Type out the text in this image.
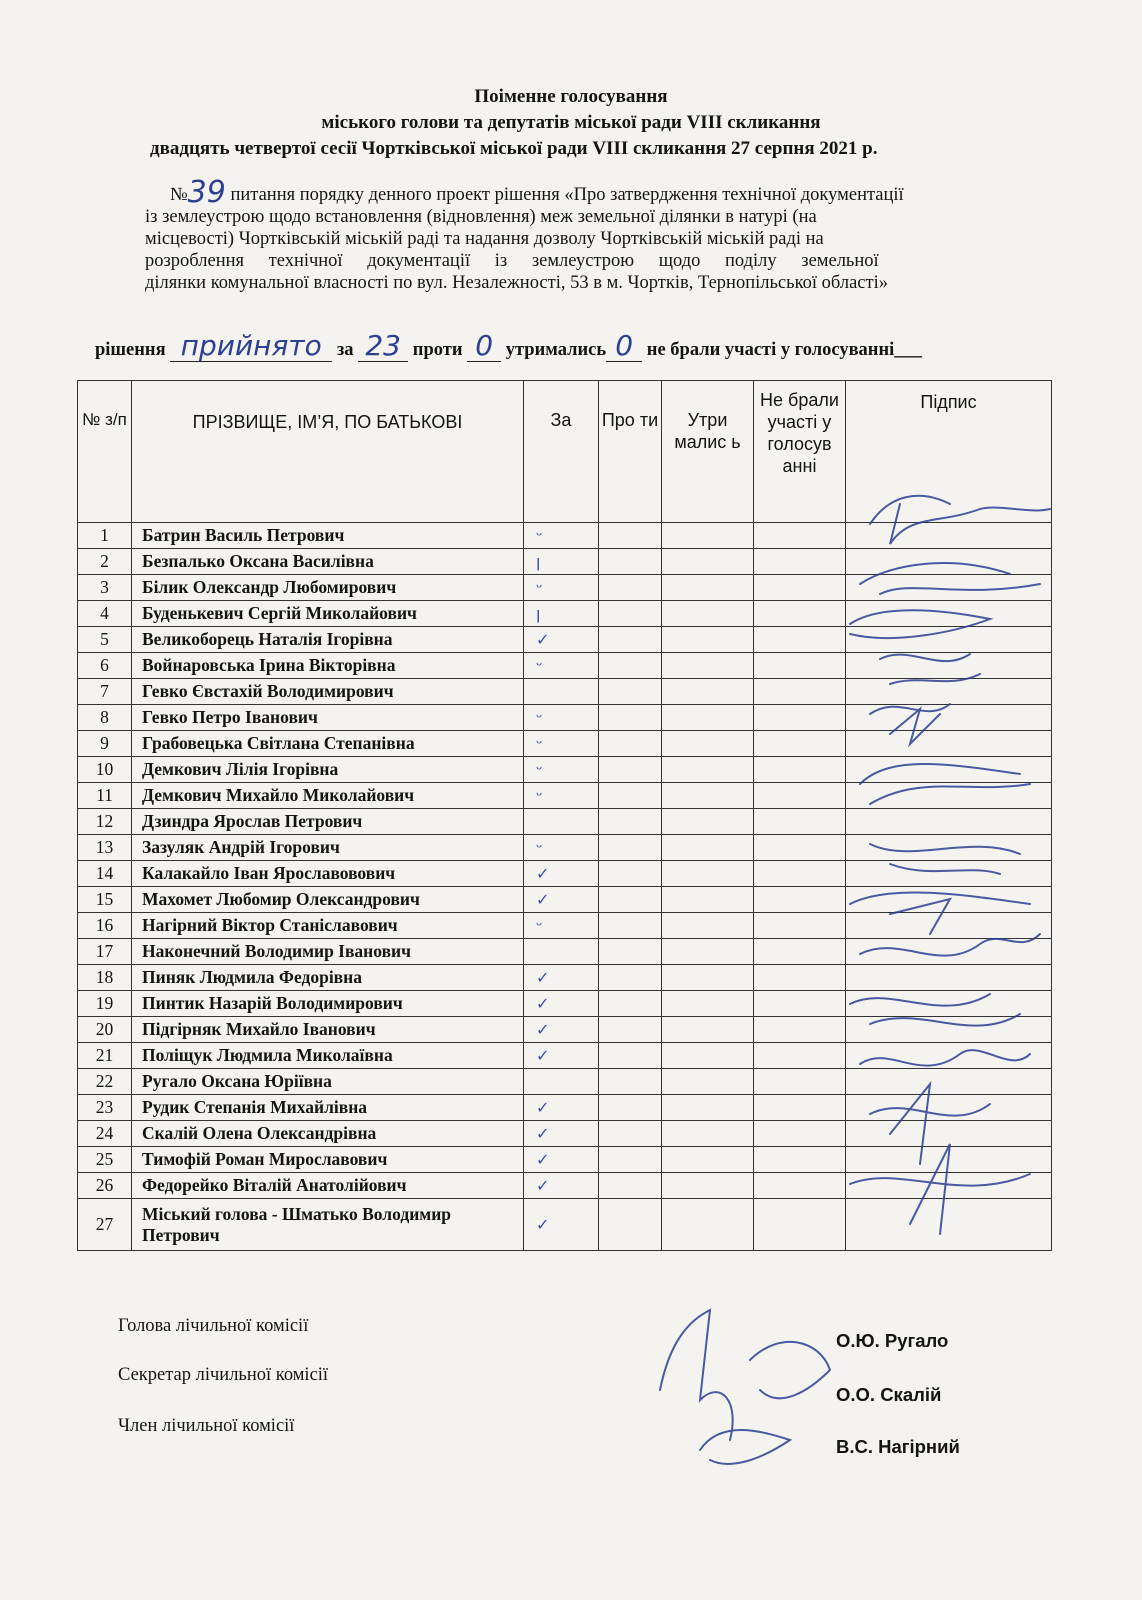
Поіменне голосування
міського голови та депутатів міської ради VIII скликання
двадцять четвертої сесії Чортківської міської ради VIII скликання 27 серпня 2021 р.
№39 питання порядку денного проект рішення «Про затвердження технічної документації
із землеустрою щодо встановлення (відновлення) меж земельної ділянки в натурі (на
місцевості) Чортківській міській раді та надання дозволу Чортківській міській раді на
розроблення технічної документації із землеустрою щодо поділу земельної
ділянки комунальної власності по вул. Незалежності, 53 в м. Чортків, Тернопільської області»
рішення прийнято за 23 проти 0 утримались 0 не брали участі у голосуванні___
№ з/п	ПРІЗВИЩЕ, ІМ’Я, ПО БАТЬКОВІ	За	Про ти	Утри малис ь	Не брали участі у голосув анні	Підпис
1	Батрин Василь Петрович	ᵕ				
2	Безпалько Оксана Василівна	ꞁ				
3	Білик Олександр Любомирович	ᵕ				
4	Буденькевич Сергій Миколайович	ꞁ				
5	Великоборець Наталія Ігорівна	✓				
6	Войнаровська Ірина Вікторівна	ᵕ				
7	Гевко Євстахій Володимирович					
8	Гевко Петро Іванович	ᵕ				
9	Грабовецька Світлана Степанівна	ᵕ				
10	Демкович Лілія Ігорівна	ᵕ				
11	Демкович Михайло Миколайович	ᵕ				
12	Дзиндра Ярослав Петрович					
13	Зазуляк Андрій Ігорович	ᵕ				
14	Калакайло Іван Ярославовович	✓				
15	Махомет Любомир Олександрович	✓				
16	Нагірний Віктор Станіславович	ᵕ				
17	Наконечний Володимир Іванович					
18	Пиняк Людмила Федорівна	✓				
19	Пинтик Назарій Володимирович	✓				
20	Підгірняк Михайло Іванович	✓				
21	Поліщук Людмила Миколаївна	✓				
22	Ругало Оксана Юріївна					
23	Рудик Степанія Михайлівна	✓				
24	Скалій Олена Олександрівна	✓				
25	Тимофій Роман Мирославович	✓				
26	Федорейко Віталій Анатолійович	✓				
27	Міський голова - Шматько Володимир Петрович	✓				
Голова лічильної комісії
О.Ю. Ругало
Секретар лічильної комісії
О.О. Скалій
Член лічильної комісії
В.С. Нагірний
